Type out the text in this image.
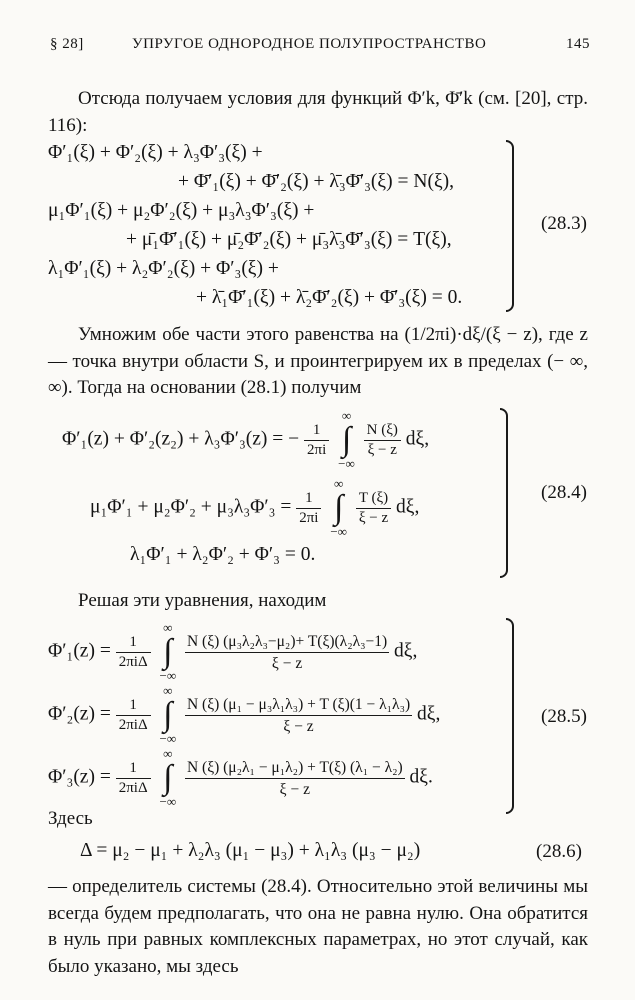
§ 28]	УПРУГОЕ ОДНОРОДНОЕ ПОЛУПРОСТРАНСТВО	145
Отсюда получаем условия для функций Φ′k, Φ̄′k (см. [20], стр. 116):
Φ′₁(ξ) + Φ′₂(ξ) + λ₃Φ′₃(ξ) +
+ Φ̄′₁(ξ) + Φ̄′₂(ξ) + λ̄₃Φ̄′₃(ξ) = N(ξ),
μ₁Φ′₁(ξ) + μ₂Φ′₂(ξ) + μ₃λ₃Φ′₃(ξ) +
+ μ̄₁Φ̄′₁(ξ) + μ̄₂Φ̄′₂(ξ) + μ̄₃λ̄₃Φ̄′₃(ξ) = T(ξ),
λ₁Φ′₁(ξ) + λ₂Φ′₂(ξ) + Φ′₃(ξ) +
+ λ̄₁Φ̄′₁(ξ) + λ̄₂Φ̄′₂(ξ) + Φ̄′₃(ξ) = 0.
(28.3)
Умножим обе части этого равенства на (1/2πi)·dξ/(ξ − z), где z — точка внутри области S, и проинтегрируем их в пределах (− ∞, ∞). Тогда на основании (28.1) получим
Φ′₁(z) + Φ′₂(z₂) + λ₃Φ′₃(z) = − $\frac{1}{2\pi i}$
∞
∫
−∞
$\frac{N (\xi)}{\xi - z} d\xi$,
$\mu_1\Phi'_1 + \mu_2\Phi'_2 + \mu_3\lambda_3\Phi'_3 = \frac{1}{2\pi i}$
∞
∫
−∞
$\frac{T (\xi)}{\xi - z} d\xi$,
λ₁Φ′₁ + λ₂Φ′₂ + Φ′₃ = 0.
(28.4)
Решая эти уравнения, находим
$\Phi'_1(z) = \frac{1}{\text{2πiΔ}}$
∞
∫
−∞
$\frac{\text{N (ξ) (μ₃λ₂λ₃−μ₂)+ T(ξ)(λ₂λ₃−1)}}{\xi - z} d\xi$,
$\Phi'_2(z) = \frac{1}{\text{2πiΔ}}$
∞
∫
−∞
$\frac{\text{N (ξ) (μ₁ − μ₃λ₁λ₃) + T (ξ)(1 − λ₁λ₃)}}{\xi - z} d\xi$,
$\Phi'_3(z) = \frac{1}{\text{2πiΔ}}$
∞
∫
−∞
$\frac{\text{N (ξ) (μ₂λ₁ − μ₁λ₂) + T(ξ) (λ₁ − λ₂)}}{\xi - z} d\xi$.
(28.5)
Здесь
Δ = μ₂ − μ₁ + λ₂λ₃ (μ₁ − μ₃) + λ₁λ₃ (μ₃ − μ₂)	(28.6)
— определитель системы (28.4). Относительно этой величины мы всегда будем предполагать, что она не равна нулю. Она обратится в нуль при равных комплексных параметрах, но этот случай, как было указано, мы здесь
